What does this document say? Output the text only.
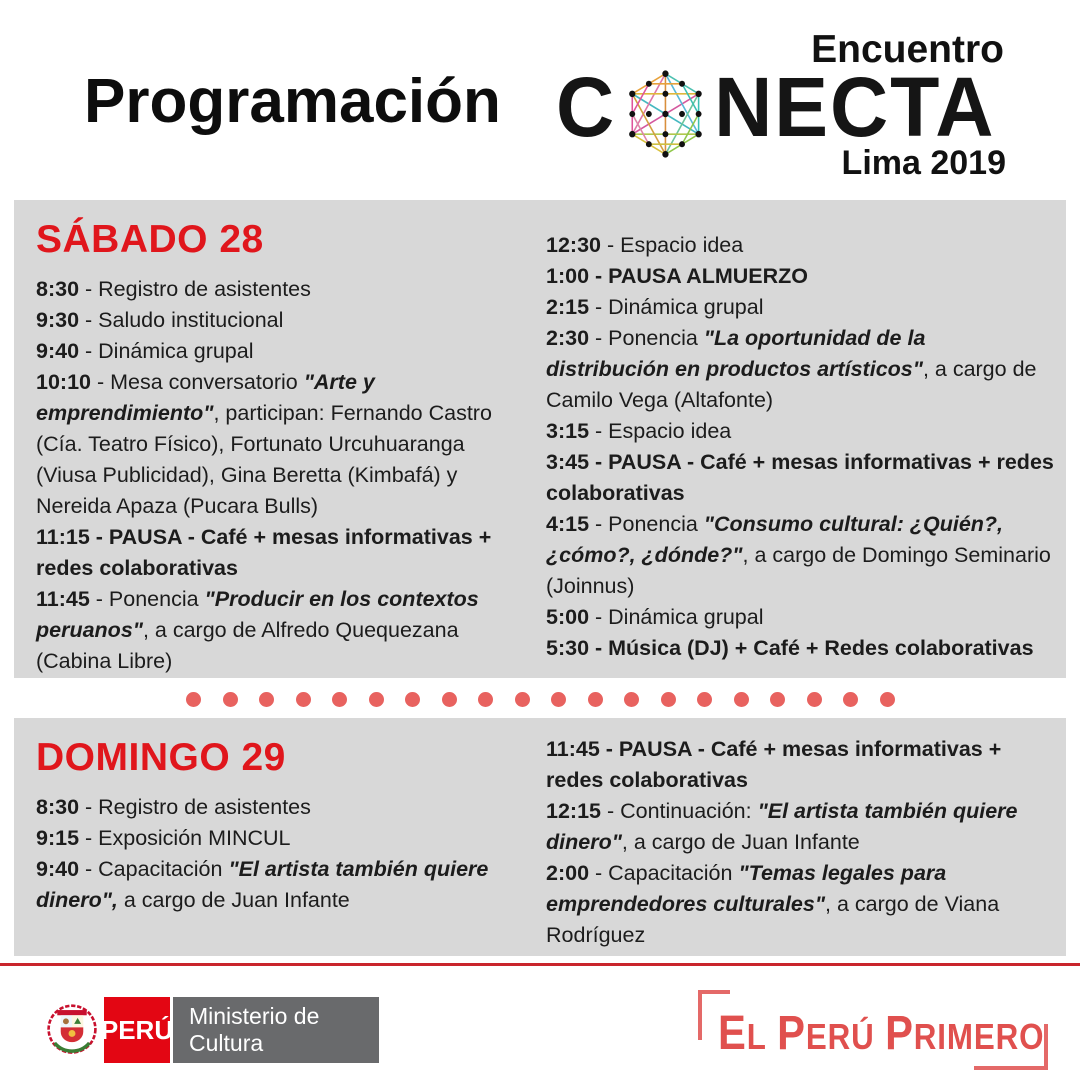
Programación
Encuentro
C NECTA
Lima 2019
SÁBADO 28

8:30 - Registro de asistentes

9:30 - Saludo institucional

9:40 - Dinámica grupal

10:10 - Mesa conversatorio "Arte y emprendimiento", participan: Fernando Castro (Cía. Teatro Físico), Fortunato Urcuhuaranga (Viusa Publicidad), Gina Beretta (Kimbafá) y Nereida Apaza (Pucara Bulls)

11:15 - PAUSA - Café + mesas informativas + redes colaborativas

11:45 - Ponencia "Producir en los contextos peruanos", a cargo de Alfredo Quequezana (Cabina Libre)

12:30 - Espacio idea

1:00 - PAUSA ALMUERZO

2:15 - Dinámica grupal

2:30 - Ponencia "La oportunidad de la distribución en productos artísticos", a cargo de Camilo Vega (Altafonte)

3:15 - Espacio idea

3:45 - PAUSA - Café + mesas informativas + redes colaborativas

4:15 - Ponencia "Consumo cultural: ¿Quién?, ¿cómo?, ¿dónde?", a cargo de Domingo Seminario (Joinnus)

5:00 - Dinámica grupal

5:30 - Música (DJ) + Café + Redes colaborativas

DOMINGO 29

8:30 - Registro de asistentes

9:15 - Exposición MINCUL

9:40 - Capacitación "El artista también quiere dinero", a cargo de Juan Infante

11:45 - PAUSA - Café + mesas informativas + redes colaborativas

12:15 - Continuación: "El artista también quiere dinero", a cargo de Juan Infante

2:00 - Capacitación "Temas legales para emprendedores culturales", a cargo de Viana Rodríguez

PERÚ Ministerio de Cultura	EL PERÚ PRIMERO
